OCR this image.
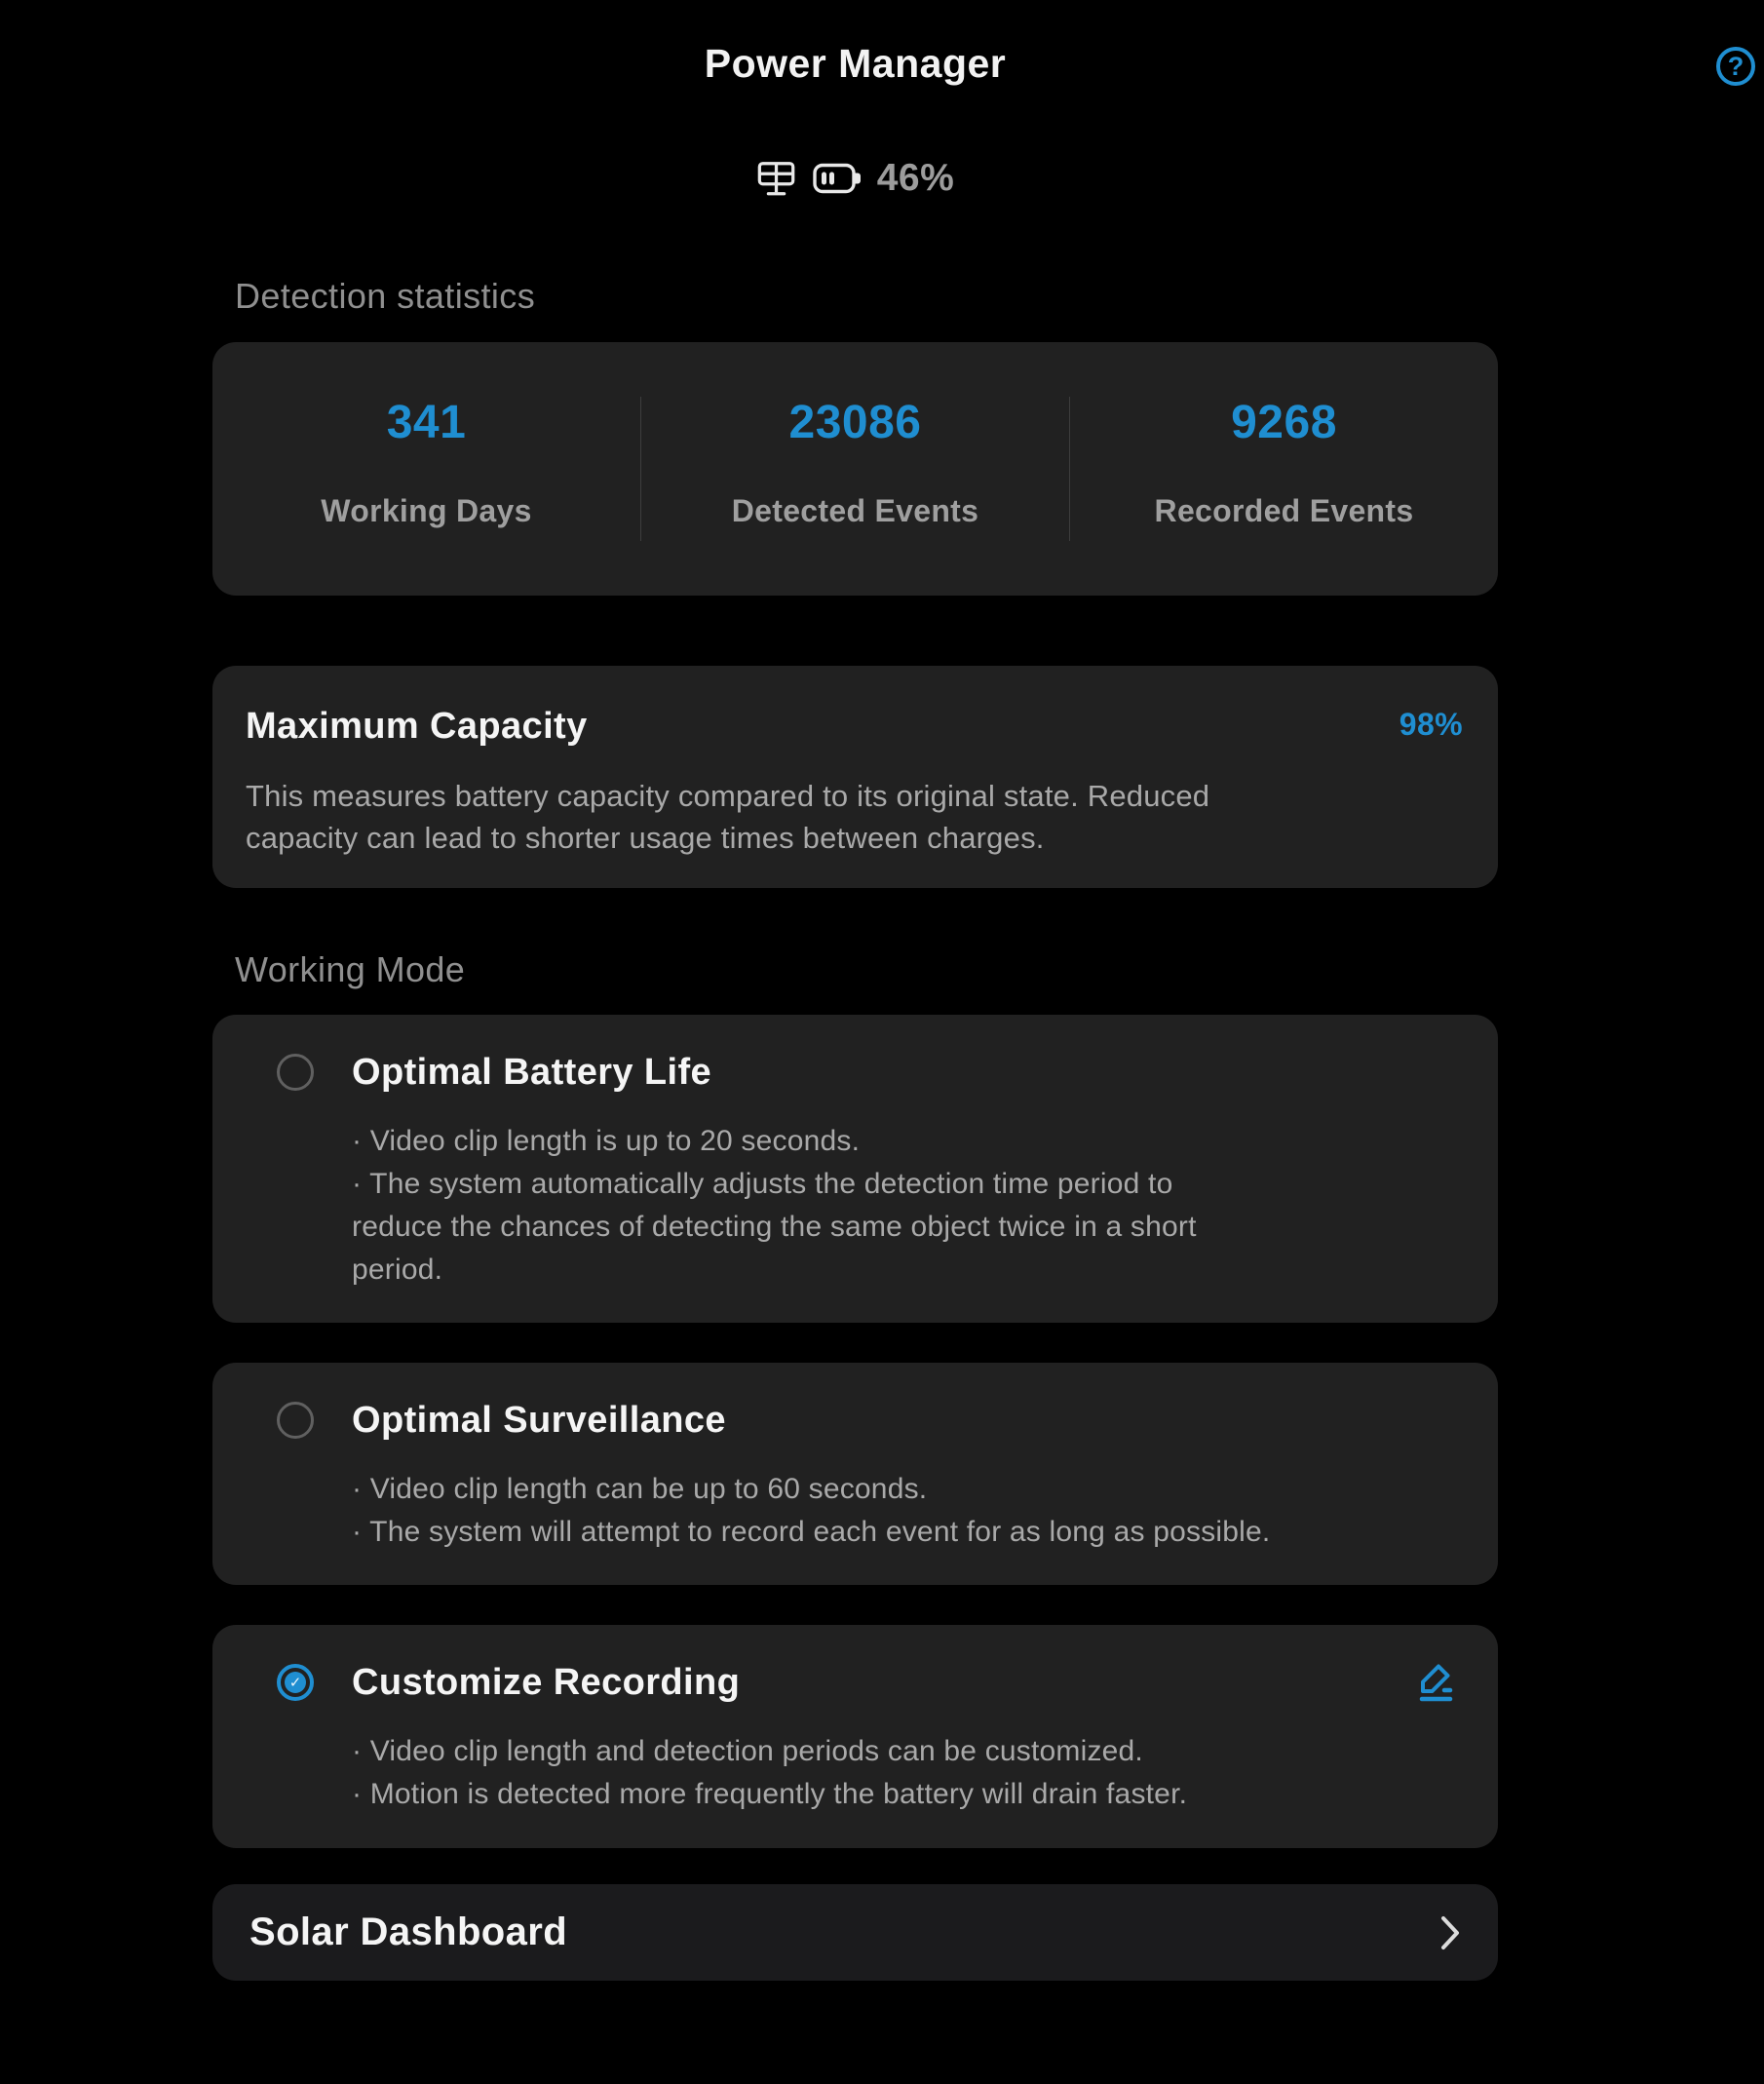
Power Manager	?
46%
Detection statistics
341
Working Days
23086
Detected Events
9268
Recorded Events
Maximum Capacity	98%
This measures battery capacity compared to its original state. Reduced capacity can lead to shorter usage times between charges.
Working Mode
Optimal Battery Life

· Video clip length is up to 20 seconds.

· The system automatically adjusts the detection time period to reduce the chances of detecting the same object twice in a short period.

Optimal Surveillance

· Video clip length can be up to 60 seconds.

· The system will attempt to record each event for as long as possible.

✓ Customize Recording

· Video clip length and detection periods can be customized.

· Motion is detected more frequently the battery will drain faster.

Solar Dashboard
